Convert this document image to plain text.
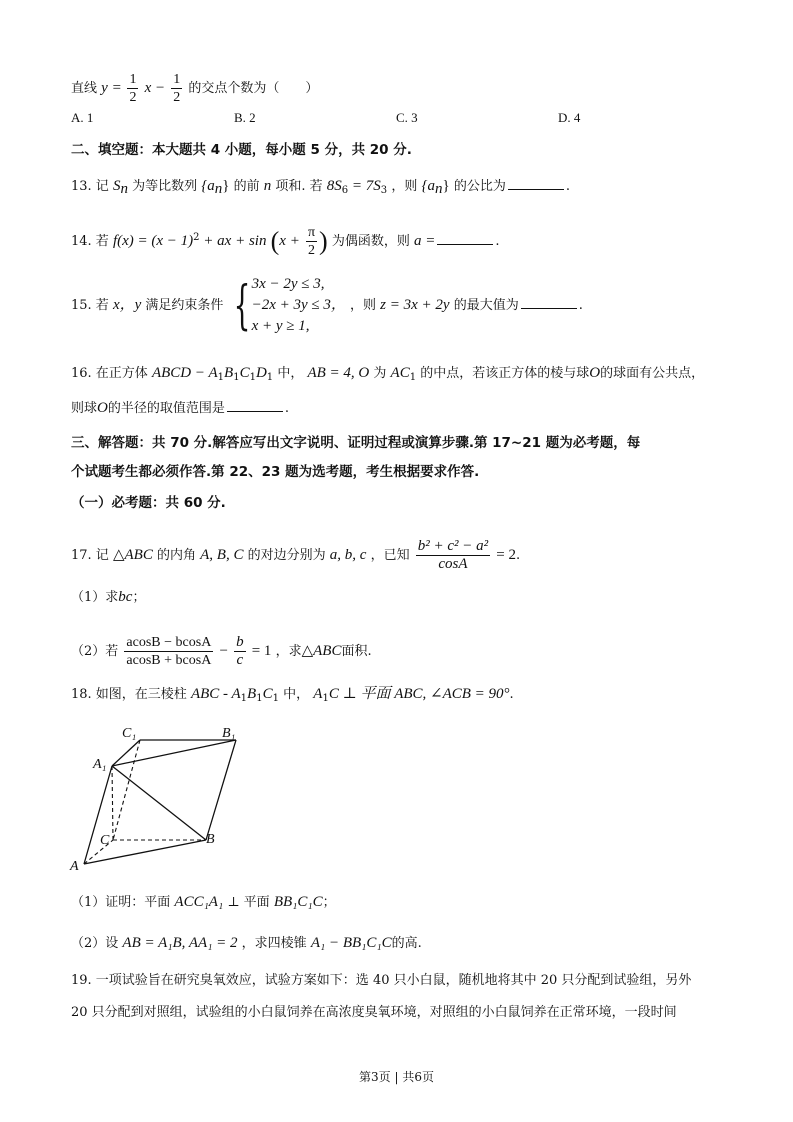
直线 $y = \frac{1}{2}$ $x - \frac{1}{2}$ 的交点个数为（　　）
A. 1	B. 2	C. 3	D. 4
二、填空题：本大题共 4 小题，每小题 5 分，共 20 分.
13. 记 $S_n$ 为等比数列 $\{a_n\}$ 的前 n 项和. 若 $8S_6 = 7S_3$ ，则 $\{a_n\}$ 的公比为	.
14. 若 $f(x) = (x - 1)^2$ + ax + $\sin (x + \frac{\pi}{2}$ ) 为偶函数，则 a =	.
15. 若 x，y 满足约束条件 { 3x − 2y ≤ 3,
−2x + 3y ≤ 3，
x + y ≥ 1,
，则 z = 3x + 2y 的最大值为	.
16. 在正方体 ABCD − $A_1B_1C_1D_1$ 中， AB = 4, O 为 $AC_1$ 的中点，若该正方体的棱与球O的球面有公共点，
则球O的半径的取值范围是	.
三、解答题：共 70 分.解答应写出文字说明、证明过程或演算步骤.第 17~21 题为必考题，每
个试题考生都必须作答.第 22、23 题为选考题，考生根据要求作答.
（一）必考题：共 60 分.
17. 记 △ABC 的内角 A, B, C 的对边分别为 a, b, c ，已知 $\frac{\text{b² + c² − a²}}{\cos A} = 2$.
（1）求bc；
（2）若 $\frac{acosB - bcosA}{acosB + bcosA} - \frac{b}{c} = 1$ ，求△ABC面积.
18. 如图，在三棱柱 ABC - $A_1B_1C_1$ 中， $A_1C$ ⊥ 平面 ABC, ∠ACB = 90°.
C₁	B₁
A₁
C	B
A
（1）证明：平面 ACC₁A₁ ⊥ 平面 BB₁C₁C；
（2）设 AB = A₁B, AA₁ = 2 ，求四棱锥 A₁ − BB₁C₁C的高.
19. 一项试验旨在研究臭氧效应，试验方案如下：选 40 只小白鼠，随机地将其中 20 只分配到试验组，另外
20 只分配到对照组，试验组的小白鼠饲养在高浓度臭氧环境，对照组的小白鼠饲养在正常环境，一段时间
第3页 | 共6页
